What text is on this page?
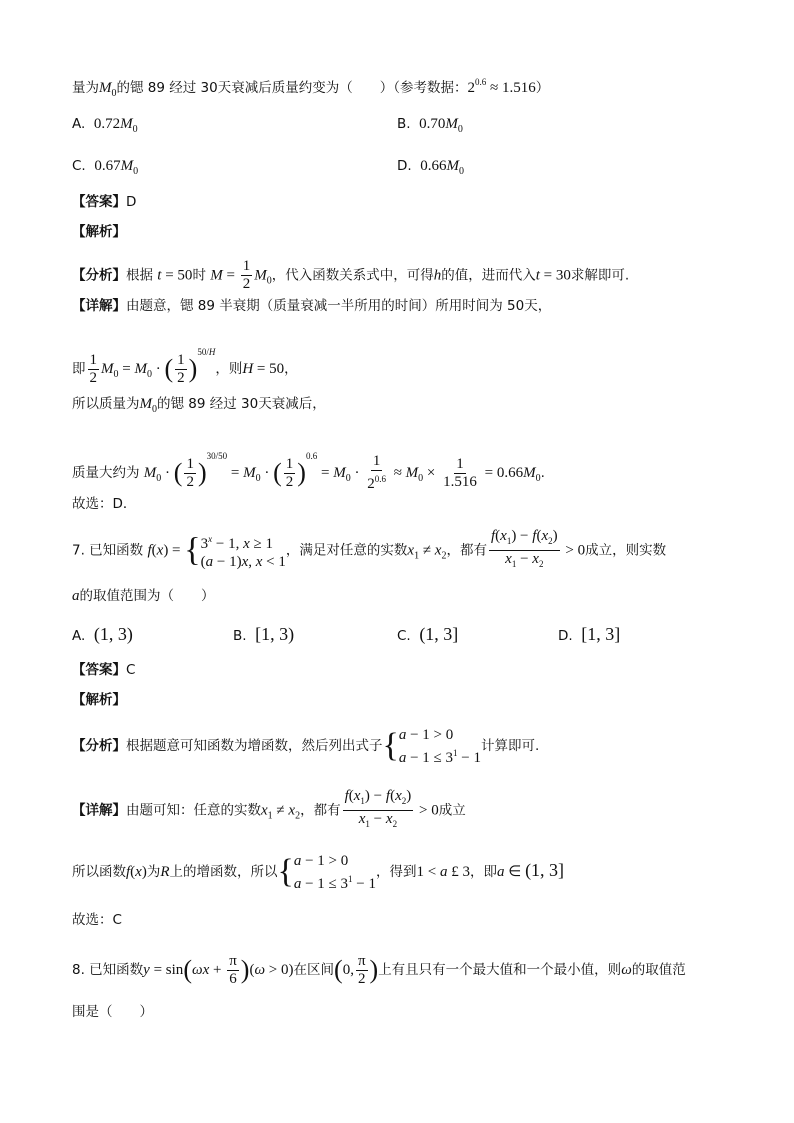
量为$M_0$的锶 89 经过 30天衰减后质量约变为（　　）（参考数据：$2^{0.6} \approx 1.516$）
A.  $0.72M_0$	B.  $0.70M_0$
C.  $0.67M_0$	D.  $0.66M_0$
【答案】D
【解析】
【分析】根据 t = 50时 $M = \frac{1}{2} M_0$，代入函数关系式中，可得h的值，进而代入t = 30求解即可.
【详解】由题意，锶 89 半衰期（质量衰减一半所用的时间）所用时间为 50天，
即 $\frac{1}{2} M_0 = M_0$ · ( $\frac{1}{2} )^{50/H}$，则H = 50，
所以质量为$M_0$的锶 89 经过 30天衰减后，
质量大约为 $M_0$ · ( $\frac{1}{2} )^{30/50} = M_0$ · ( $\frac{1}{2} )^{0.6} = M_0 \cdot \frac{1}{2^{0.6}} \approx M_0 \times \frac{1}{1.516} = 0.66M_0$.
故选：D．
7. 已知函数 f(x) = { $3^x - 1$, x ≥ 1
(a − 1)x, x < 1
，满足对任意的实数$x_1 \ne x_2$，都有 $\frac{f(x_1) - f(x_2)}{x_1 - x_2} > 0$成立，则实数
a的取值范围为（　　）
A. (1, 3)	B. [1, 3)	C. (1, 3]	D. [1, 3]
【答案】C
【解析】
【分析】根据题意可知函数为增函数，然后列出式子{ a − 1 > 0
$a - 1 \le 3^1 - 1$
计算即可.
【详解】由题可知：任意的实数$x_1 \ne x_2$，都有 $\frac{f(x_1) - f(x_2)}{x_1 - x_2} > 0$成立
所以函数f(x)为R上的增函数，所以{ a − 1 > 0
$a - 1 \le 3^1 - 1$
，得到1 < a £ 3，即a ∈ (1, 3]
故选：C
8. 已知函数$y = \sin(\omega x + \frac{\pi}{6} )(\omega > 0)$在区间(0, $\frac{\pi}{2}$ )上有且只有一个最大值和一个最小值，则ω的取值范
围是（　　）
